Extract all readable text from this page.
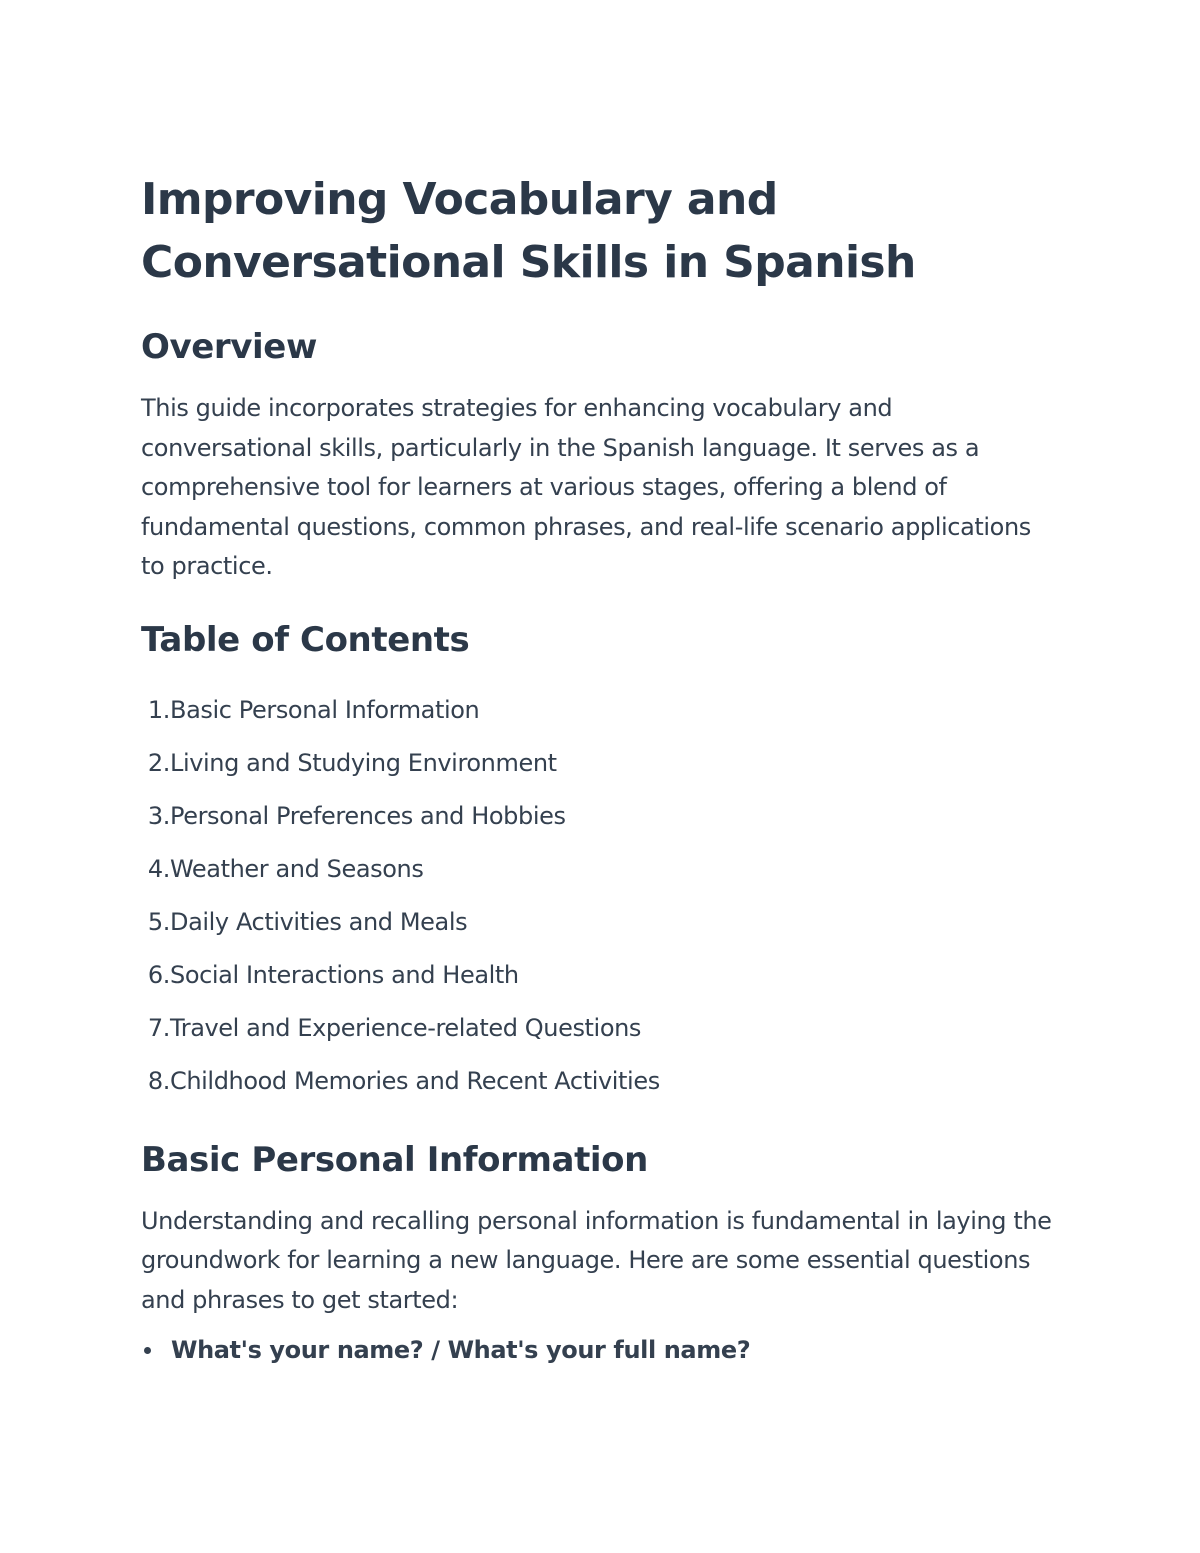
Improving Vocabulary and Conversational Skills in Spanish
Overview

This guide incorporates strategies for enhancing vocabulary and conversational skills, particularly in the Spanish language. It serves as a comprehensive tool for learners at various stages, offering a blend of fundamental questions, common phrases, and real-life scenario applications to practice.

Table of Contents
1. Basic Personal Information
2. Living and Studying Environment
3. Personal Preferences and Hobbies
4. Weather and Seasons
5. Daily Activities and Meals
6. Social Interactions and Health
7. Travel and Experience-related Questions
8. Childhood Memories and Recent Activities
Basic Personal Information

Understanding and recalling personal information is fundamental in laying the groundwork for learning a new language. Here are some essential questions and phrases to get started:

What's your name? / What's your full name?
